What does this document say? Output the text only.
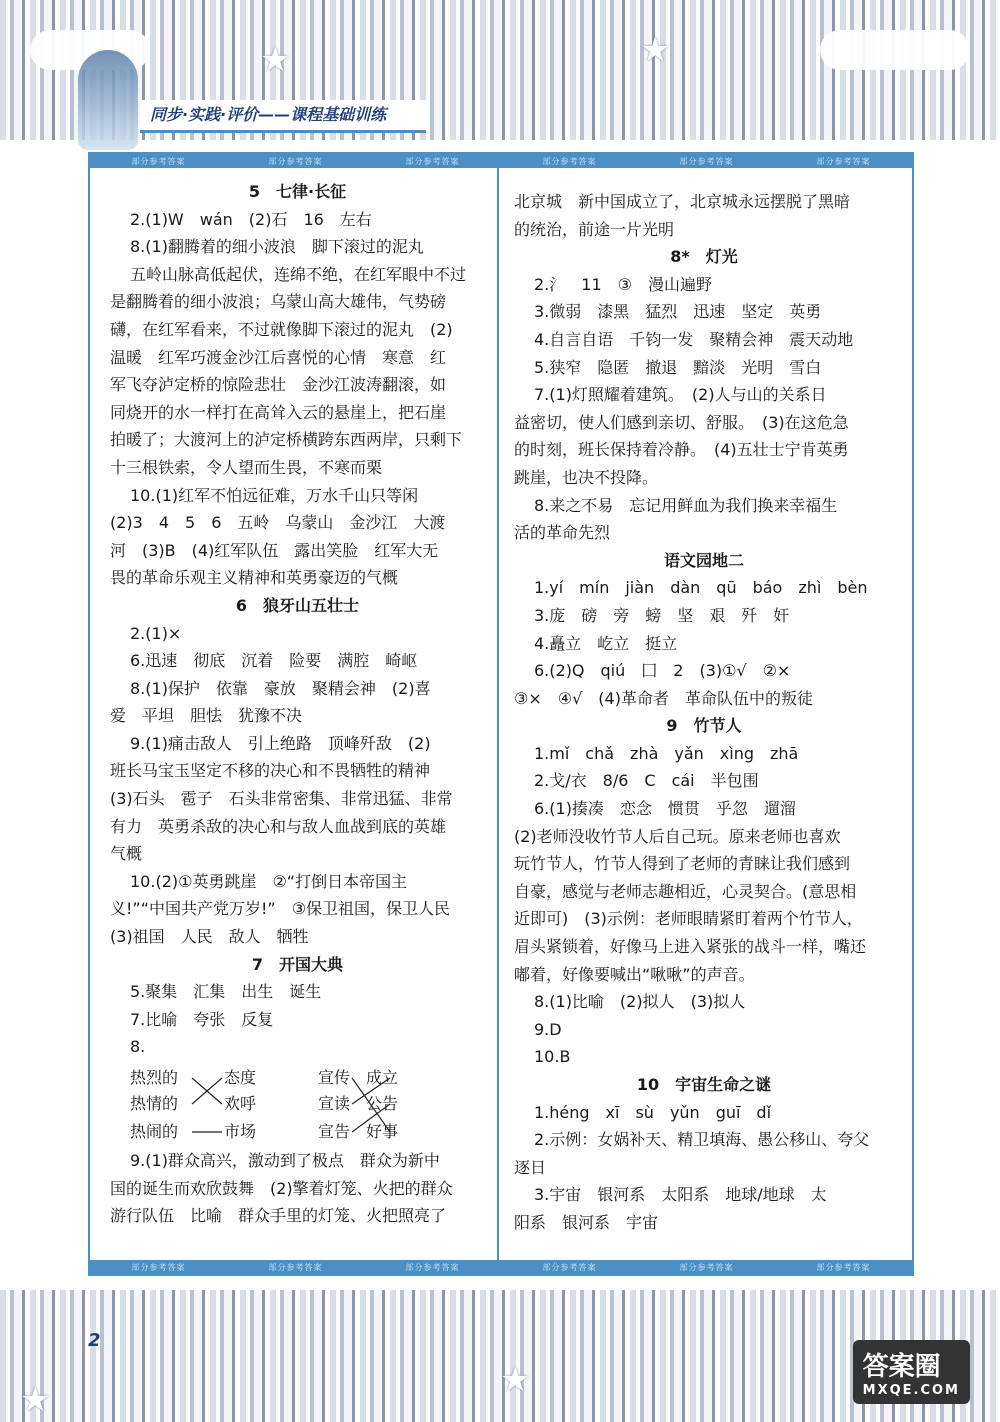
★	★
同步·实践·评价——课程基础训练
部分参考答案	部分参考答案	部分参考答案	部分参考答案	部分参考答案	部分参考答案

5　七律·长征

2.(1)W　wán　(2)石　16　左右

8.(1)翻腾着的细小波浪　脚下滚过的泥丸

五岭山脉高低起伏，连绵不绝，在红军眼中不过

是翻腾着的细小波浪；乌蒙山高大雄伟，气势磅

礴，在红军看来，不过就像脚下滚过的泥丸　(2)

温暖　红军巧渡金沙江后喜悦的心情　寒意　红

军飞夺泸定桥的惊险悲壮　金沙江波涛翻滚，如

同烧开的水一样打在高耸入云的悬崖上，把石崖

拍暖了；大渡河上的泸定桥横跨东西两岸，只剩下

十三根铁索，令人望而生畏，不寒而栗

10.(1)红军不怕远征难，万水千山只等闲

(2)3　4　5　6　五岭　乌蒙山　金沙江　大渡

河　(3)B　(4)红军队伍　露出笑脸　红军大无

畏的革命乐观主义精神和英勇豪迈的气概

6　狼牙山五壮士

2.(1)×

6.迅速　彻底　沉着　险要　满腔　崎岖

8.(1)保护　依靠　豪放　聚精会神　(2)喜

爱　平坦　胆怯　犹豫不决

9.(1)痛击敌人　引上绝路　顶峰歼敌　(2)

班长马宝玉坚定不移的决心和不畏牺牲的精神

(3)石头　雹子　石头非常密集、非常迅猛、非常

有力　英勇杀敌的决心和与敌人血战到底的英雄

气概

10.(2)①英勇跳崖　②“打倒日本帝国主

义!”“中国共产党万岁!”　③保卫祖国，保卫人民

(3)祖国　人民　敌人　牺牲

7　开国大典

5.聚集　汇集　出生　诞生

7.比喻　夸张　反复

8.

热烈的
热情的
热闹的
态度
欢呼
市场
宣传
宣读
宣告
成立
公告
好事

9.(1)群众高兴，激动到了极点　群众为新中

国的诞生而欢欣鼓舞　(2)擎着灯笼、火把的群众

游行队伍　比喻　群众手里的灯笼、火把照亮了

北京城　新中国成立了，北京城永远摆脱了黑暗

的统治，前途一片光明

8*　灯光

2.氵　11　③　漫山遍野

3.微弱　漆黑　猛烈　迅速　坚定　英勇

4.自言自语　千钧一发　聚精会神　震天动地

5.狭窄　隐匿　撤退　黯淡　光明　雪白

7.(1)灯照耀着建筑。　(2)人与山的关系日

益密切，使人们感到亲切、舒服。　(3)在这危急

的时刻，班长保持着冷静。　(4)五壮士宁肯英勇

跳崖，也决不投降。

8.来之不易　忘记用鲜血为我们换来幸福生

活的革命先烈

语文园地二

1.yí　mín　jiàn　dàn　qū　báo　zhì　bèn

3.庞　磅　旁　螃　坚　艰　歼　奸

4.矗立　屹立　挺立

6.(2)Q　qiú　囗　2　(3)①√　②×

③×　④√　(4)革命者　革命队伍中的叛徒

9　竹节人

1.mǐ　chǎ　zhà　yǎn　xìng　zhā

2.戈/衣　8/6　C　cái　半包围

6.(1)揍凑　恋念　惯贯　乎忽　遛溜

(2)老师没收竹节人后自己玩。原来老师也喜欢

玩竹节人，竹节人得到了老师的青睐让我们感到

自豪，感觉与老师志趣相近，心灵契合。(意思相

近即可)　(3)示例：老师眼睛紧盯着两个竹节人，

眉头紧锁着，好像马上进入紧张的战斗一样，嘴还

嘟着，好像要喊出“啾啾”的声音。

8.(1)比喻　(2)拟人　(3)拟人

9.D

10.B

10　宇宙生命之谜

1.héng　xī　sù　yǔn　guī　dǐ

2.示例：女娲补天、精卫填海、愚公移山、夸父

逐日

3.宇宙　银河系　太阳系　地球/地球　太

阳系　银河系　宇宙

部分参考答案	部分参考答案	部分参考答案	部分参考答案	部分参考答案	部分参考答案
★	★
2
答案圈
MXQE.COM
